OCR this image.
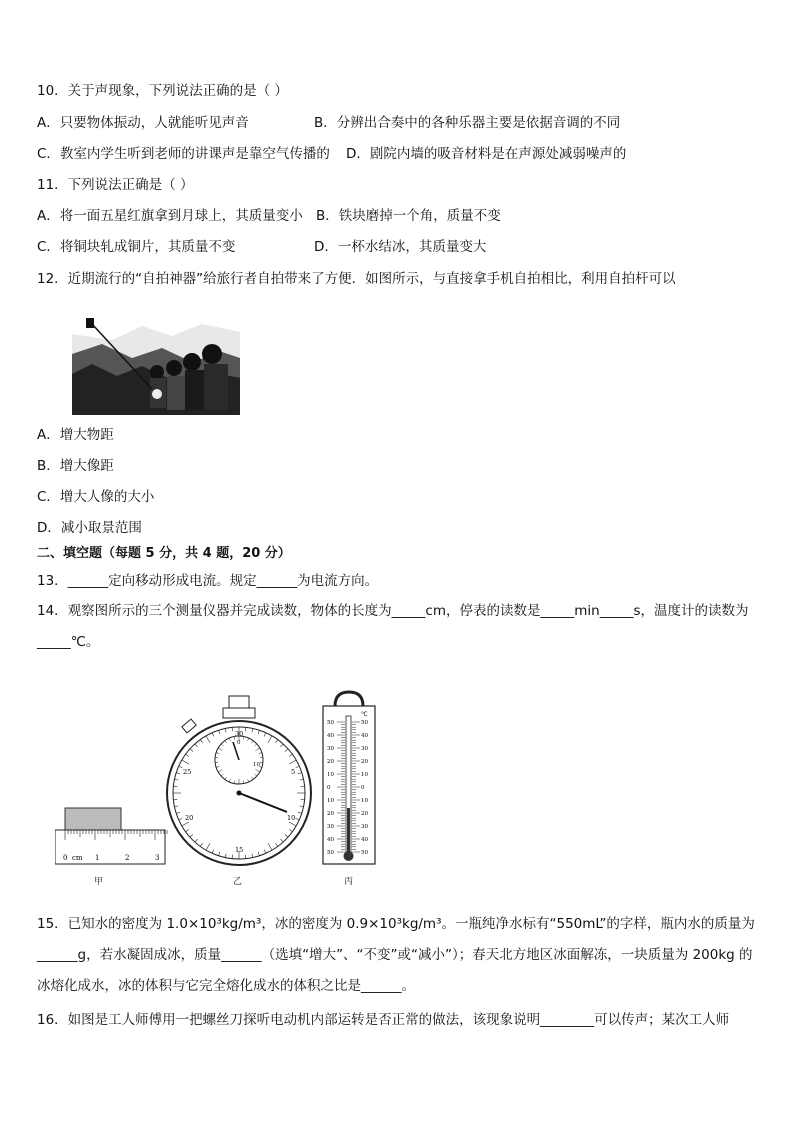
10．关于声现象，下列说法正确的是（ ）
A．只要物体振动，人就能听见声音	B．分辨出合奏中的各种乐器主要是依据音调的不同
C．教室内学生听到老师的讲课声是靠空气传播的 D．剧院内墙的吸音材料是在声源处减弱噪声的
11．下列说法正确是（ ）
A．将一面五星红旗拿到月球上，其质量变小 B．铁块磨掉一个角，质量不变
C．将铜块轧成铜片，其质量不变	D．一杯水结冰，其质量变大
12．近期流行的“自拍神器”给旅行者自拍带来了方便．如图所示，与直接拿手机自拍相比，利用自拍杆可以
A．增大物距
B．增大像距
C．增大人像的大小
D．减小取景范围
二、填空题（每题 5 分，共 4 题，20 分）
13．______定向移动形成电流。规定______为电流方向。
14．观察图所示的三个测量仪器并完成读数，物体的长度为_____cm，停表的读数是_____min_____s，温度计的读数为
_____℃。
0 cm 1	2	3
30
5
10
15
20
25
0
10
℃
50	50
40	40
30	30
20	20
10	10
0	0
10	10
20	20
30	30
40	40
50	50
甲	乙	丙
15．已知水的密度为 1.0×10³kg/m³，冰的密度为 0.9×10³kg/m³。一瓶纯净水标有“550mL”的字样，瓶内水的质量为
______g，若水凝固成冰，质量______（选填“增大”、“不变”或“减小”）；春天北方地区冰面解冻，一块质量为 200kg 的
冰熔化成水，冰的体积与它完全熔化成水的体积之比是______。
16．如图是工人师傅用一把螺丝刀探听电动机内部运转是否正常的做法，该现象说明________可以传声；某次工人师
